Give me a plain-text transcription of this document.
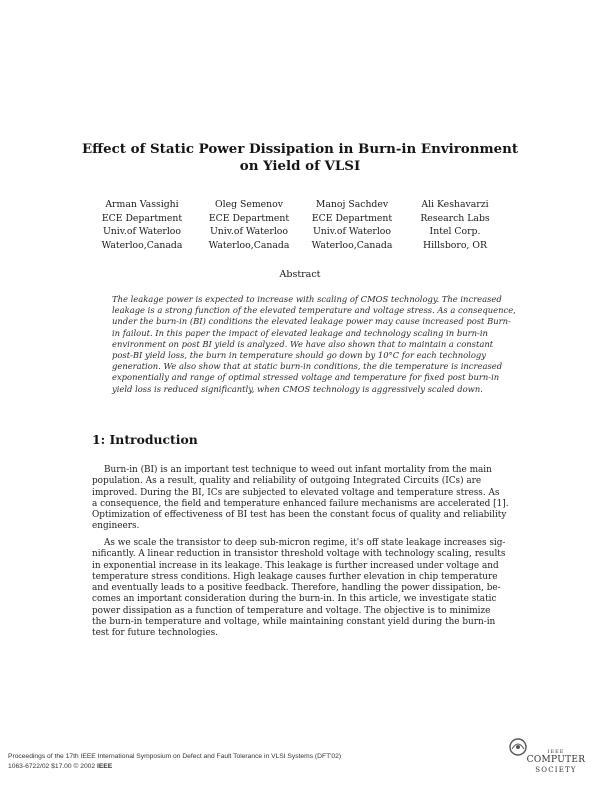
Effect of Static Power Dissipation in Burn-in Environment
on Yield of VLSI
Arman Vassighi
ECE Department
Univ.of Waterloo
Waterloo,Canada
Oleg Semenov
ECE Department
Univ.of Waterloo
Waterloo,Canada
Manoj Sachdev
ECE Department
Univ.of Waterloo
Waterloo,Canada
Ali Keshavarzi
Research Labs
Intel Corp.
Hillsboro, OR
Abstract
The leakage power is expected to increase with scaling of CMOS technology. The increased
leakage is a strong function of the elevated temperature and voltage stress. As a consequence,
under the burn-in (BI) conditions the elevated leakage power may cause increased post Burn-
in failout. In this paper the impact of elevated leakage and technology scaling in burn-in
environment on post BI yield is analyzed. We have also shown that to maintain a constant
post-BI yield loss, the burn in temperature should go down by 10°C for each technology
generation. We also show that at static burn-in conditions, the die temperature is increased
exponentially and range of optimal stressed voltage and temperature for fixed post burn-in
yield loss is reduced significantly, when CMOS technology is aggressively scaled down.
1: Introduction
Burn-in (BI) is an important test technique to weed out infant mortality from the main
population. As a result, quality and reliability of outgoing Integrated Circuits (ICs) are
improved. During the BI, ICs are subjected to elevated voltage and temperature stress. As
a consequence, the field and temperature enhanced failure mechanisms are accelerated [1].
Optimization of effectiveness of BI test has been the constant focus of quality and reliability
engineers.
As we scale the transistor to deep sub-micron regime, it's off state leakage increases sig-
nificantly. A linear reduction in transistor threshold voltage with technology scaling, results
in exponential increase in its leakage. This leakage is further increased under voltage and
temperature stress conditions. High leakage causes further elevation in chip temperature
and eventually leads to a positive feedback. Therefore, handling the power dissipation, be-
comes an important consideration during the burn-in. In this article, we investigate static
power dissipation as a function of temperature and voltage. The objective is to minimize
the burn-in temperature and voltage, while maintaining constant yield during the burn-in
test for future technologies.
Proceedings of the 17th IEEE International Symposium on Defect and Fault Tolerance in VLSI Systems (DFT'02)
1063-6722/02 $17.00 © 2002 IEEE
IEEE
COMPUTER
SOCIETY
